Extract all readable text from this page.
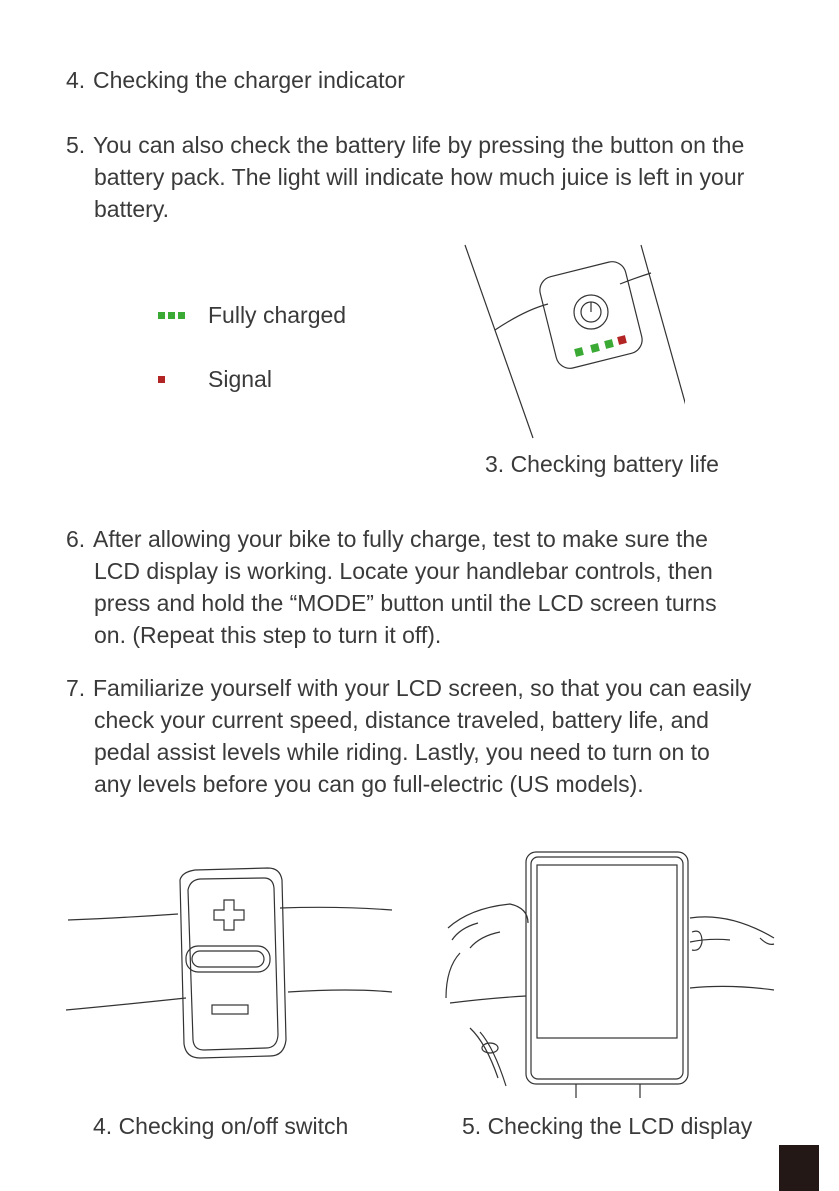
4. Checking the charger indicator

5. You can also check the battery life by pressing the button on the
battery pack. The light will indicate how much juice is left in your
battery.

Fully charged
Signal
3. Checking battery life

6. After allowing your bike to fully charge, test to make sure the
LCD display is working. Locate your handlebar controls, then
press and hold the “MODE” button until the LCD screen turns
on. (Repeat this step to turn it off).

7. Familiarize yourself with your LCD screen, so that you can easily
check your current speed, distance traveled, battery life, and
pedal assist levels while riding. Lastly, you need to turn on to
any levels before you can go full-electric (US models).

4. Checking on/off switch	5. Checking the LCD display
